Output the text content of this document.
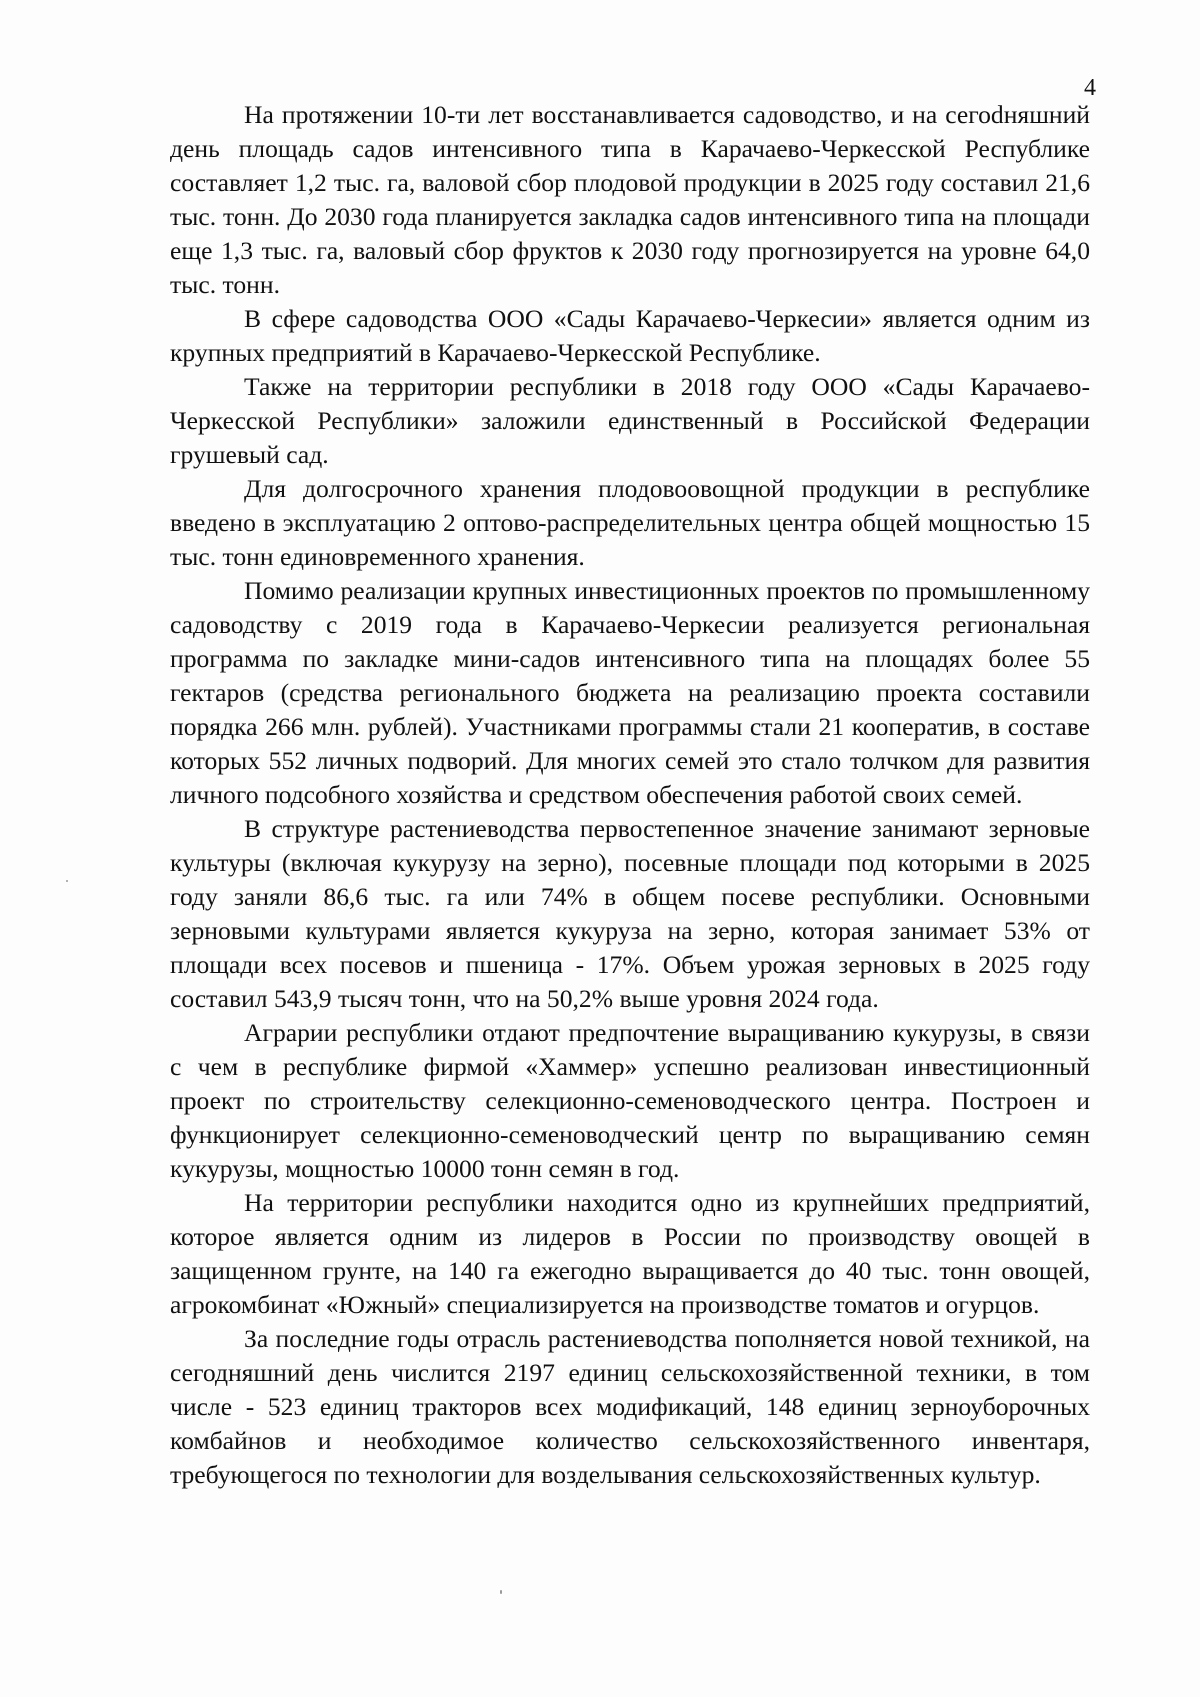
4

На протяжении 10-ти лет восстанавливается садоводство, и на сегоdняшний день площадь садов интенсивного типа в Карачаево-Черкесской Республике составляет 1,2 тыс. га, валовой сбор плодовой продукции в 2025 году составил 21,6 тыс. тонн. До 2030 года планируется закладка садов интенсивного типа на площади еще 1,3 тыс. га, валовый сбор фруктов к 2030 году прогнозируется на уровне 64,0 тыс. тонн.

В сфере садоводства ООО «Сады Карачаево-Черкесии» является одним из крупных предприятий в Карачаево-Черкесской Республике.

Также на территории республики в 2018 году ООО «Сады Карачаево-Черкесской Республики» заложили единственный в Российской Федерации грушевый сад.

Для долгосрочного хранения плодовоовощной продукции в республике введено в эксплуатацию 2 оптово-распределительных центра общей мощностью 15 тыс. тонн единовременного хранения.

Помимо реализации крупных инвестиционных проектов по промышленному садоводству с 2019 года в Карачаево-Черкесии реализуется региональная программа по закладке мини-садов интенсивного типа на площадях более 55 гектаров (средства регионального бюджета на реализацию проекта составили порядка 266 млн. рублей). Участниками программы стали 21 кооператив, в составе которых 552 личных подворий. Для многих семей это стало толчком для развития личного подсобного хозяйства и средством обеспечения работой своих семей.

В структуре растениеводства первостепенное значение занимают зерновые культуры (включая кукурузу на зерно), посевные площади под которыми в 2025 году заняли 86,6 тыс. га или 74% в общем посеве республики. Основными зерновыми культурами является кукуруза на зерно, которая занимает 53% от площади всех посевов и пшеница - 17%. Объем урожая зерновых в 2025 году составил 543,9 тысяч тонн, что на 50,2% выше уровня 2024 года.

Аграрии республики отдают предпочтение выращиванию кукурузы, в связи с чем в республике фирмой «Хаммер» успешно реализован инвестиционный проект по строительству селекционно-семеноводческого центра. Построен и функционирует селекционно-семеноводческий центр по выращиванию семян кукурузы, мощностью 10000 тонн семян в год.

На территории республики находится одно из крупнейших предприятий, которое является одним из лидеров в России по производству овощей в защищенном грунте, на 140 га ежегодно выращивается до 40 тыс. тонн овощей, агрокомбинат «Южный» специализируется на производстве томатов и огурцов.

За последние годы отрасль растениеводства пополняется новой техникой, на сегодняшний день числится 2197 единиц сельскохозяйственной техники, в том числе - 523 единиц тракторов всех модификаций, 148 единиц зерноуборочных комбайнов и необходимое количество сельскохозяйственного инвентаря, требующегося по технологии для возделывания сельскохозяйственных культур.
